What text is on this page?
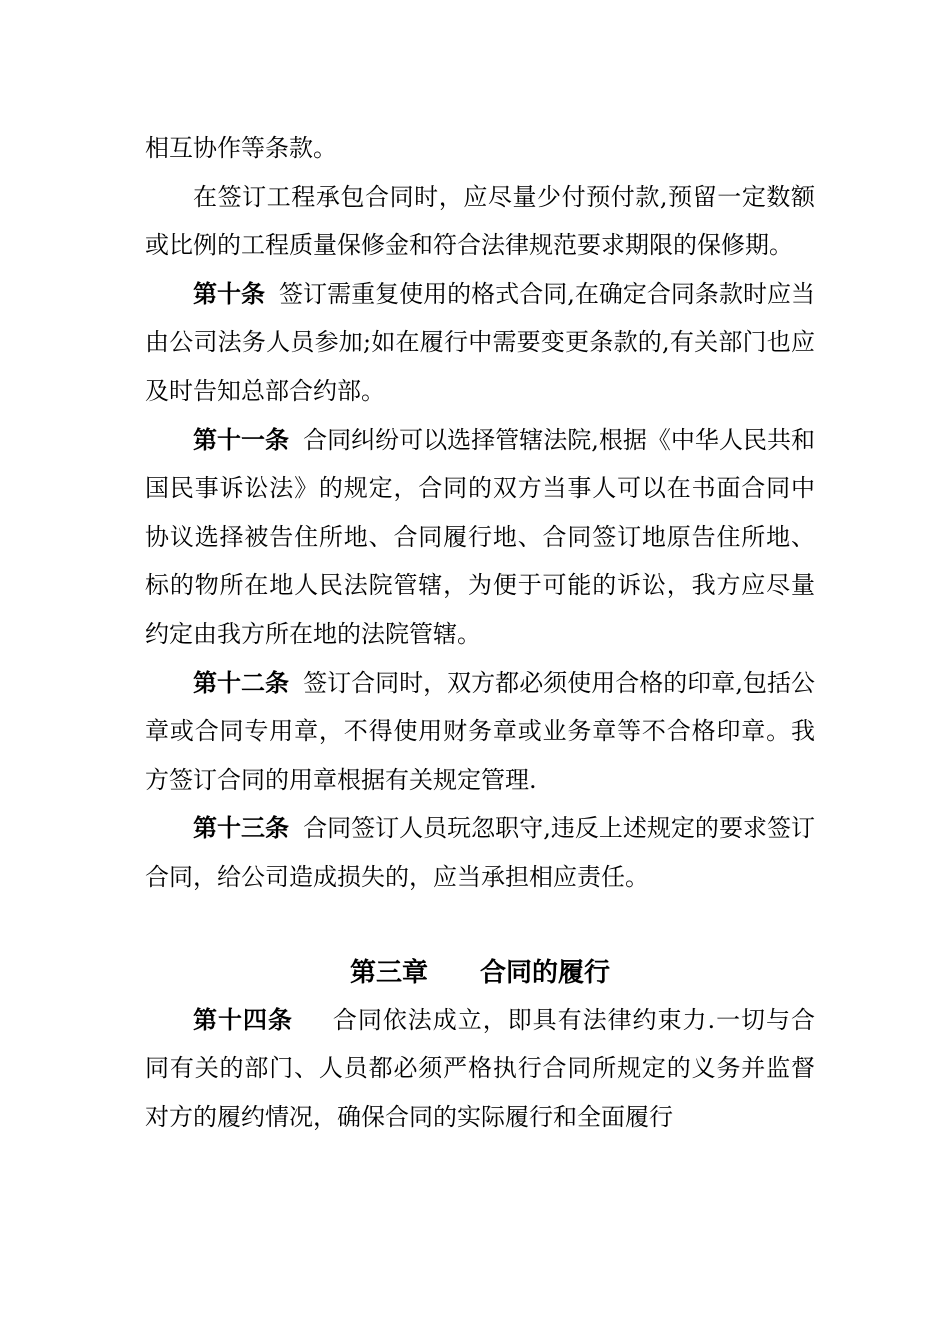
相互协作等条款。

在签订工程承包合同时，应尽量少付预付款,预留一定数额或比例的工程质量保修金和符合法律规范要求期限的保修期。

第十条 签订需重复使用的格式合同,在确定合同条款时应当由公司法务人员参加;如在履行中需要变更条款的,有关部门也应及时告知总部合约部。

第十一条 合同纠纷可以选择管辖法院,根据《中华人民共和国民事诉讼法》的规定，合同的双方当事人可以在书面合同中协议选择被告住所地、合同履行地、合同签订地原告住所地、标的物所在地人民法院管辖，为便于可能的诉讼，我方应尽量约定由我方所在地的法院管辖。

第十二条 签订合同时，双方都必须使用合格的印章,包括公章或合同专用章，不得使用财务章或业务章等不合格印章。我方签订合同的用章根据有关规定管理.

第十三条 合同签订人员玩忽职守,违反上述规定的要求签订合同，给公司造成损失的，应当承担相应责任。

第三章　　合同的履行

第十四条 合同依法成立，即具有法律约束力.一切与合同有关的部门、人员都必须严格执行合同所规定的义务并监督对方的履约情况，确保合同的实际履行和全面履行
